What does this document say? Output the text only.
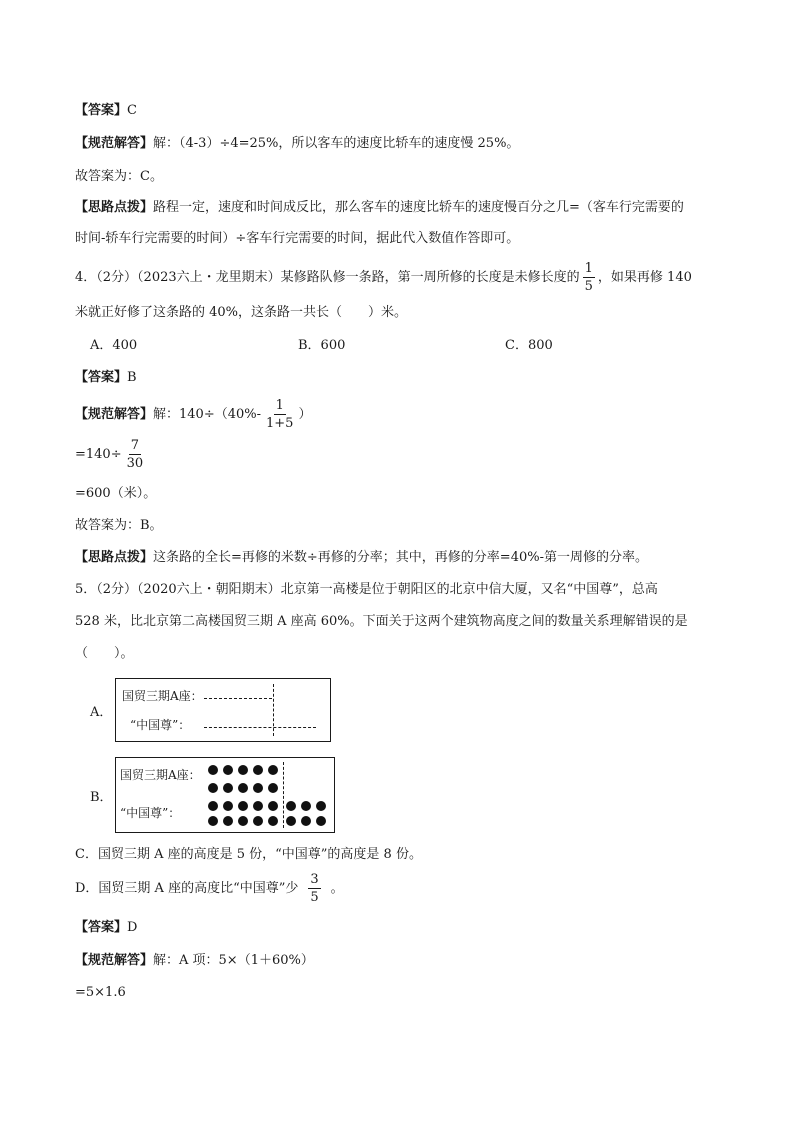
【答案】C
【规范解答】解：（4-3）÷4=25%，所以客车的速度比轿车的速度慢 25%。
故答案为：C。
【思路点拨】路程一定，速度和时间成反比，那么客车的速度比轿车的速度慢百分之几=（客车行完需要的
时间-轿车行完需要的时间）÷客车行完需要的时间，据此代入数值作答即可。
4．（2分）（2023六上・龙里期末）某修路队修一条路，第一周所修的长度是未修长度的 $\frac{1}{5}$ ，如果再修 140
米就正好修了这条路的 40%，这条路一共长（　　）米。
A．400	B．600	C．800
【答案】B
【规范解答】解：$140\div(40\%- \frac{1}{1+5}$ ）
$=140\div \frac{7}{30}$
=600（米）。
故答案为：B。
【思路点拨】这条路的全长=再修的米数÷再修的分率；其中，再修的分率=40%-第一周修的分率。
5．（2分）（2020六上・朝阳期末）北京第一高楼是位于朝阳区的北京中信大厦，又名“中国尊”，总高
528 米，比北京第二高楼国贸三期 A 座高 60%。下面关于这两个建筑物高度之间的数量关系理解错误的是
（　　）。
A．
国贸三期A座：
“中国尊”：
B．
国贸三期A座：
“中国尊”：
C．国贸三期 A 座的高度是 5 份，“中国尊”的高度是 8 份。
D．国贸三期 A 座的高度比“中国尊”少 $\frac{3}{5}$ 。
【答案】D
【规范解答】解：A 项：5×（1＋60%）
=5×1.6
